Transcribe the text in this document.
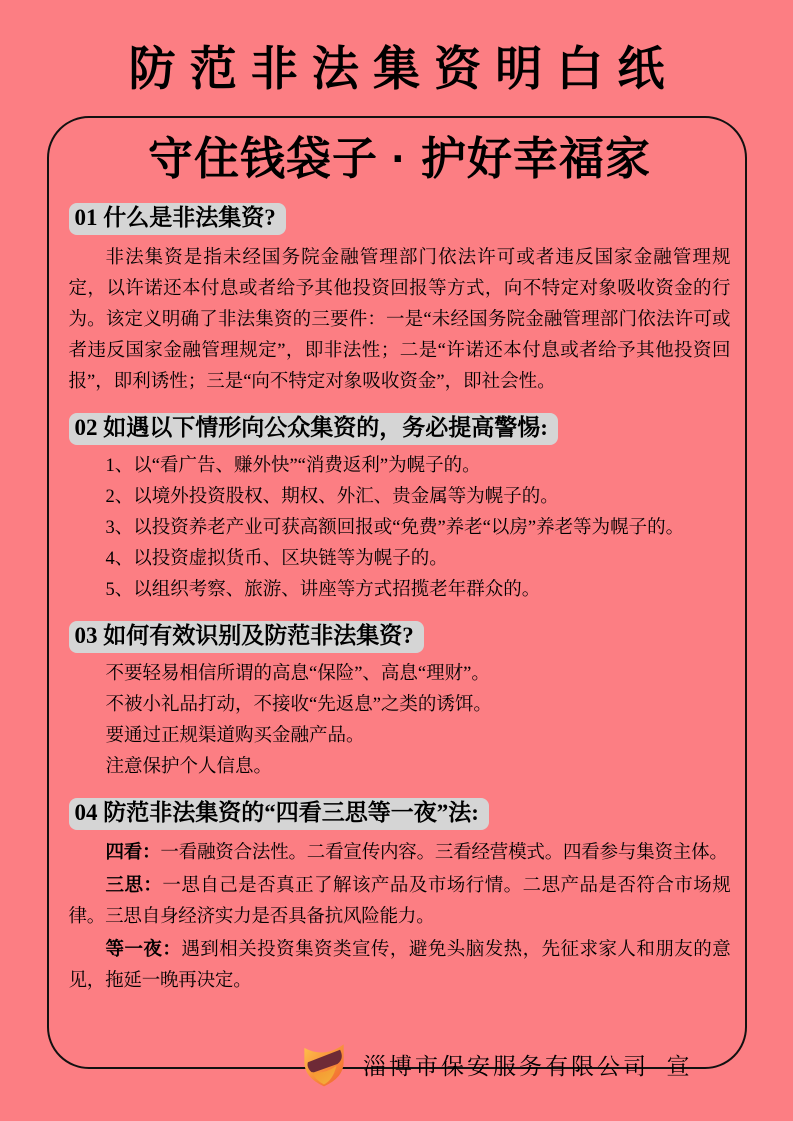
防范非法集资明白纸
守住钱袋子 · 护好幸福家
01 什么是非法集资?

非法集资是指未经国务院金融管理部门依法许可或者违反国家金融管理规定，以许诺还本付息或者给予其他投资回报等方式，向不特定对象吸收资金的行为。该定义明确了非法集资的三要件：一是“未经国务院金融管理部门依法许可或者违反国家金融管理规定”，即非法性；二是“许诺还本付息或者给予其他投资回报”，即利诱性；三是“向不特定对象吸收资金”，即社会性。

02 如遇以下情形向公众集资的，务必提高警惕:

1、以“看广告、赚外快”“消费返利”为幌子的。

2、以境外投资股权、期权、外汇、贵金属等为幌子的。

3、以投资养老产业可获高额回报或“免费”养老“以房”养老等为幌子的。

4、以投资虚拟货币、区块链等为幌子的。

5、以组织考察、旅游、讲座等方式招揽老年群众的。

03 如何有效识别及防范非法集资?

不要轻易相信所谓的高息“保险”、高息“理财”。

不被小礼品打动，不接收“先返息”之类的诱饵。

要通过正规渠道购买金融产品。

注意保护个人信息。

04 防范非法集资的“四看三思等一夜”法:

四看：一看融资合法性。二看宣传内容。三看经营模式。四看参与集资主体。

三思：一思自己是否真正了解该产品及市场行情。二思产品是否符合市场规律。三思自身经济实力是否具备抗风险能力。

等一夜：遇到相关投资集资类宣传，避免头脑发热，先征求家人和朋友的意见，拖延一晚再决定。

淄博市保安服务有限公司  宣
